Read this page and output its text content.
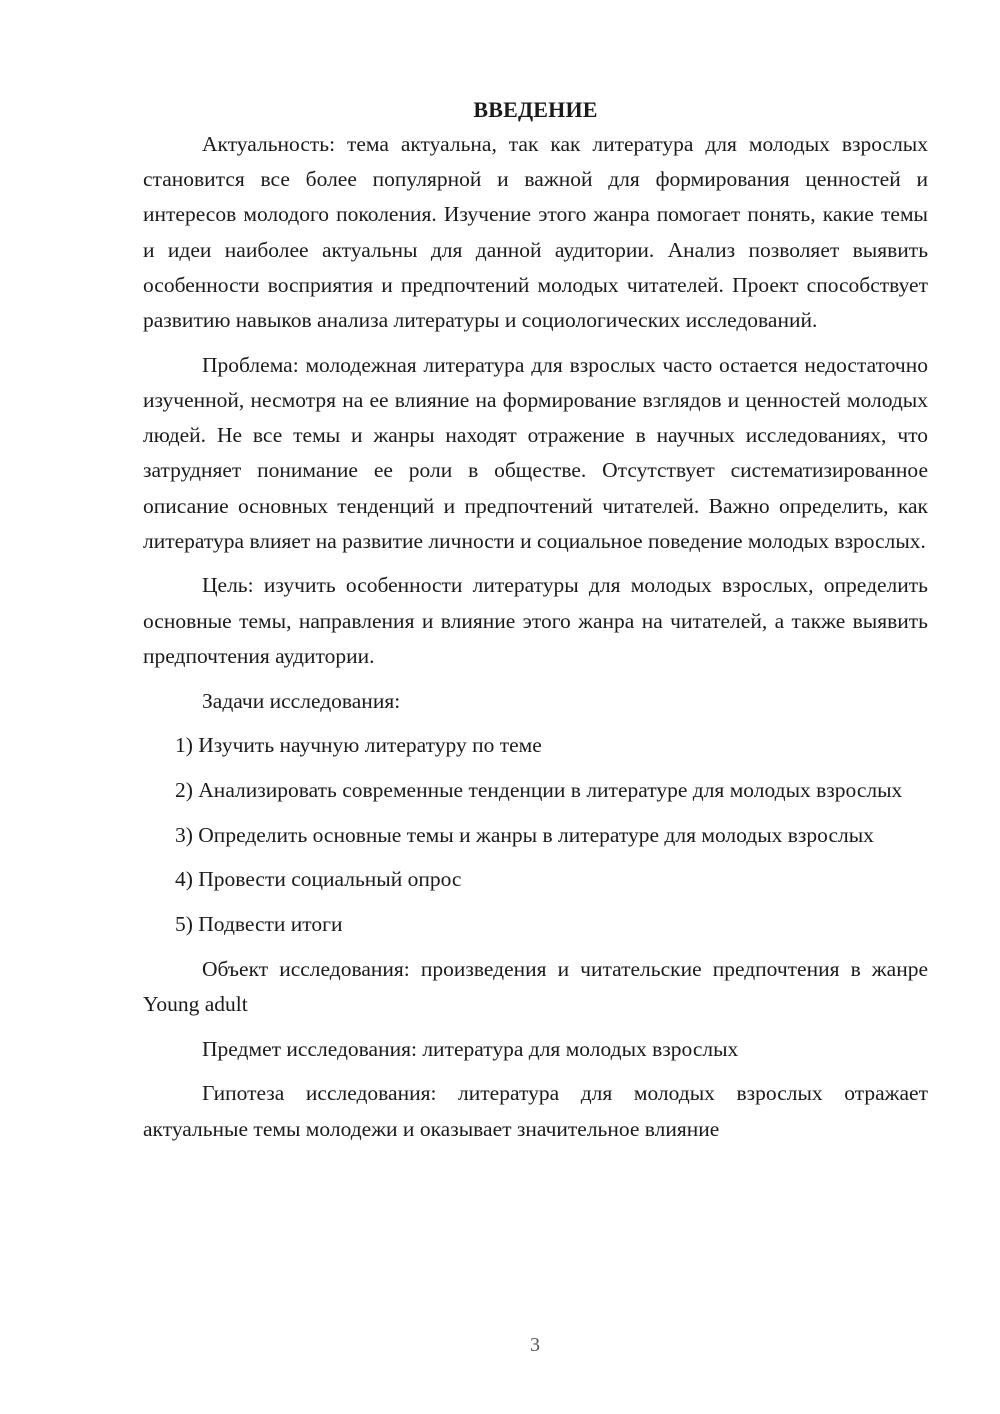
ВВЕДЕНИЕ

Актуальность: тема актуальна, так как литература для молодых взрослых становится все более популярной и важной для формирования ценностей и интересов молодого поколения. Изучение этого жанра помогает понять, какие темы и идеи наиболее актуальны для данной аудитории. Анализ позволяет выявить особенности восприятия и предпочтений молодых читателей. Проект способствует развитию навыков анализа литературы и социологических исследований.

Проблема: молодежная литература для взрослых часто остается недостаточно изученной, несмотря на ее влияние на формирование взглядов и ценностей молодых людей. Не все темы и жанры находят отражение в научных исследованиях, что затрудняет понимание ее роли в обществе. Отсутствует систематизированное описание основных тенденций и предпочтений читателей. Важно определить, как литература влияет на развитие личности и социальное поведение молодых взрослых.

Цель: изучить особенности литературы для молодых взрослых, определить основные темы, направления и влияние этого жанра на читателей, а также выявить предпочтения аудитории.

Задачи исследования:

1) Изучить научную литературу по теме

2) Анализировать современные тенденции в литературе для молодых взрослых

3) Определить основные темы и жанры в литературе для молодых взрослых

4) Провести социальный опрос

5) Подвести итоги

Объект исследования: произведения и читательские предпочтения в жанре Young adult

Предмет исследования: литература для молодых взрослых

Гипотеза исследования: литература для молодых взрослых отражает актуальные темы молодежи и оказывает значительное влияние

3
